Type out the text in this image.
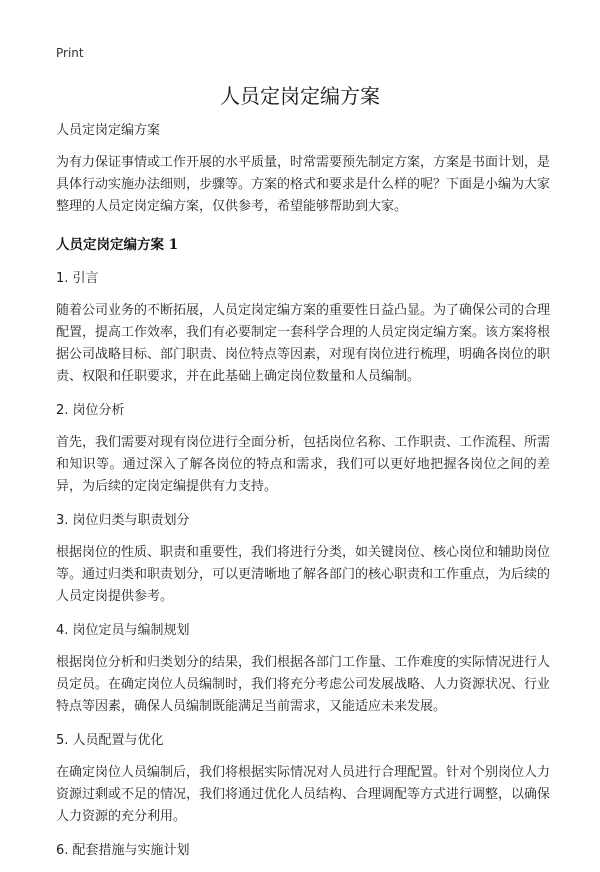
Print
人员定岗定编方案

人员定岗定编方案

为有力保证事情或工作开展的水平质量，时常需要预先制定方案，方案是书面计划，是具体行动实施办法细则，步骤等。方案的格式和要求是什么样的呢？下面是小编为大家整理的人员定岗定编方案，仅供参考，希望能够帮助到大家。

人员定岗定编方案 1

1. 引言

随着公司业务的不断拓展，人员定岗定编方案的重要性日益凸显。为了确保公司的合理配置，提高工作效率，我们有必要制定一套科学合理的人员定岗定编方案。该方案将根据公司战略目标、部门职责、岗位特点等因素，对现有岗位进行梳理，明确各岗位的职责、权限和任职要求，并在此基础上确定岗位数量和人员编制。

2. 岗位分析

首先，我们需要对现有岗位进行全面分析，包括岗位名称、工作职责、工作流程、所需和知识等。通过深入了解各岗位的特点和需求，我们可以更好地把握各岗位之间的差异，为后续的定岗定编提供有力支持。

3. 岗位归类与职责划分

根据岗位的性质、职责和重要性，我们将进行分类，如关键岗位、核心岗位和辅助岗位等。通过归类和职责划分，可以更清晰地了解各部门的核心职责和工作重点，为后续的人员定岗提供参考。

4. 岗位定员与编制规划

根据岗位分析和归类划分的结果，我们根据各部门工作量、工作难度的实际情况进行人员定员。在确定岗位人员编制时，我们将充分考虑公司发展战略、人力资源状况、行业特点等因素，确保人员编制既能满足当前需求，又能适应未来发展。

5. 人员配置与优化

在确定岗位人员编制后，我们将根据实际情况对人员进行合理配置。针对个别岗位人力资源过剩或不足的情况，我们将通过优化人员结构、合理调配等方式进行调整，以确保人力资源的充分利用。

6. 配套措施与实施计划
